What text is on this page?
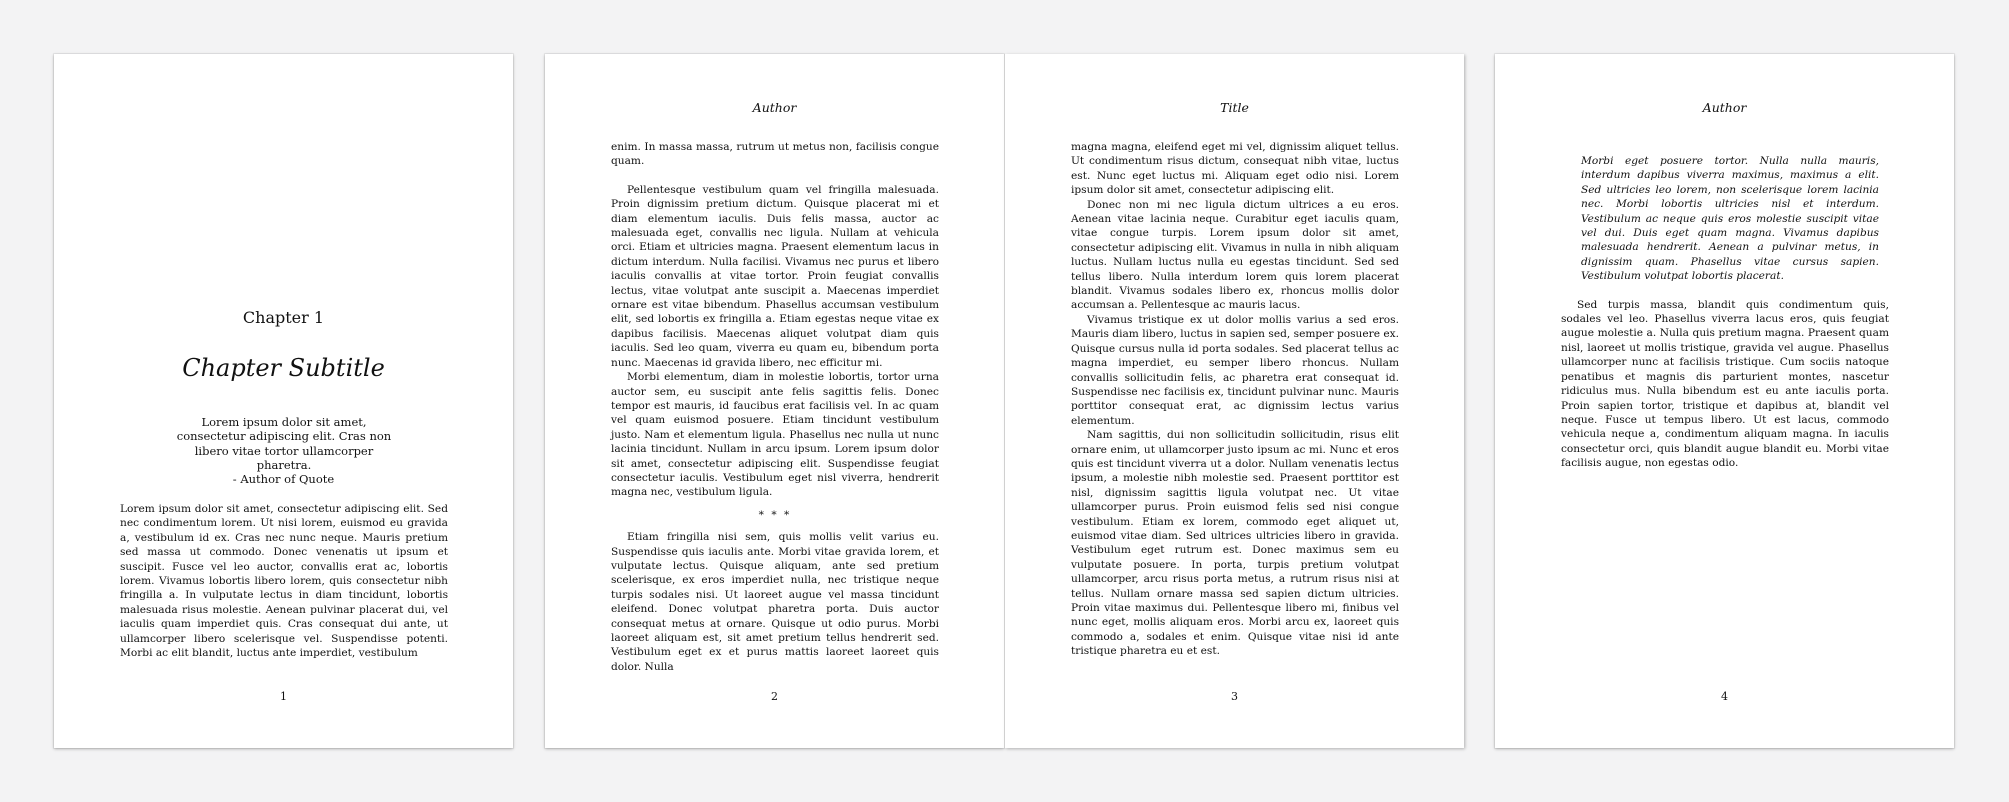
Chapter 1
Chapter Subtitle
Lorem ipsum dolor sit amet, consectetur adipiscing elit. Cras non libero vitae tortor ullamcorper pharetra.
- Author of Quote

Lorem ipsum dolor sit amet, consectetur adipiscing elit. Sed nec condimentum lorem. Ut nisi lorem, euismod eu gravida a, vestibulum id ex. Cras nec nunc neque. Mauris pretium sed massa ut commodo. Donec venenatis ut ipsum et suscipit. Fusce vel leo auctor, convallis erat ac, lobortis lorem. Vivamus lobortis libero lorem, quis consectetur nibh fringilla a. In vulputate lectus in diam tincidunt, lobortis malesuada risus molestie. Aenean pulvinar placerat dui, vel iaculis quam imperdiet quis. Cras consequat dui ante, ut ullamcorper libero scelerisque vel. Suspendisse potenti. Morbi ac elit blandit, luctus ante imperdiet, vestibulum

1
Author

enim. In massa massa, rutrum ut metus non, facilisis congue quam.

Pellentesque vestibulum quam vel fringilla malesuada. Proin dignissim pretium dictum. Quisque placerat mi et diam elementum iaculis. Duis felis massa, auctor ac malesuada eget, convallis nec ligula. Nullam at vehicula orci. Etiam et ultricies magna. Praesent elementum lacus in dictum interdum. Nulla facilisi. Vivamus nec purus et libero iaculis convallis at vitae tortor. Proin feugiat convallis lectus, vitae volutpat ante suscipit a. Maecenas imperdiet ornare est vitae bibendum. Phasellus accumsan vestibulum elit, sed lobortis ex fringilla a. Etiam egestas neque vitae ex dapibus facilisis. Maecenas aliquet volutpat diam quis iaculis. Sed leo quam, viverra eu quam eu, bibendum porta nunc. Maecenas id gravida libero, nec efficitur mi.

Morbi elementum, diam in molestie lobortis, tortor urna auctor sem, eu suscipit ante felis sagittis felis. Donec tempor est mauris, id faucibus erat facilisis vel. In ac quam vel quam euismod posuere. Etiam tincidunt vestibulum justo. Nam et elementum ligula. Phasellus nec nulla ut nunc lacinia tincidunt. Nullam in arcu ipsum. Lorem ipsum dolor sit amet, consectetur adipiscing elit. Suspendisse feugiat consectetur iaculis. Vestibulum eget nisl viverra, hendrerit magna nec, vestibulum ligula.

* * *

Etiam fringilla nisi sem, quis mollis velit varius eu. Suspendisse quis iaculis ante. Morbi vitae gravida lorem, et vulputate lectus. Quisque aliquam, ante sed pretium scelerisque, ex eros imperdiet nulla, nec tristique neque turpis sodales nisi. Ut laoreet augue vel massa tincidunt eleifend. Donec volutpat pharetra porta. Duis auctor consequat metus at ornare. Quisque ut odio purus. Morbi laoreet aliquam est, sit amet pretium tellus hendrerit sed. Vestibulum eget ex et purus mattis laoreet laoreet quis dolor. Nulla

2
Title

magna magna, eleifend eget mi vel, dignissim aliquet tellus. Ut condimentum risus dictum, consequat nibh vitae, luctus est. Nunc eget luctus mi. Aliquam eget odio nisi. Lorem ipsum dolor sit amet, consectetur adipiscing elit.

Donec non mi nec ligula dictum ultrices a eu eros. Aenean vitae lacinia neque. Curabitur eget iaculis quam, vitae congue turpis. Lorem ipsum dolor sit amet, consectetur adipiscing elit. Vivamus in nulla in nibh aliquam luctus. Nullam luctus nulla eu egestas tincidunt. Sed sed tellus libero. Nulla interdum lorem quis lorem placerat blandit. Vivamus sodales libero ex, rhoncus mollis dolor accumsan a. Pellentesque ac mauris lacus.

Vivamus tristique ex ut dolor mollis varius a sed eros. Mauris diam libero, luctus in sapien sed, semper posuere ex. Quisque cursus nulla id porta sodales. Sed placerat tellus ac magna imperdiet, eu semper libero rhoncus. Nullam convallis sollicitudin felis, ac pharetra erat consequat id. Suspendisse nec facilisis ex, tincidunt pulvinar nunc. Mauris porttitor consequat erat, ac dignissim lectus varius elementum.

Nam sagittis, dui non sollicitudin sollicitudin, risus elit ornare enim, ut ullamcorper justo ipsum ac mi. Nunc et eros quis est tincidunt viverra ut a dolor. Nullam venenatis lectus ipsum, a molestie nibh molestie sed. Praesent porttitor est nisl, dignissim sagittis ligula volutpat nec. Ut vitae ullamcorper purus. Proin euismod felis sed nisi congue vestibulum. Etiam ex lorem, commodo eget aliquet ut, euismod vitae diam. Sed ultrices ultricies libero in gravida. Vestibulum eget rutrum est. Donec maximus sem eu vulputate posuere. In porta, turpis pretium volutpat ullamcorper, arcu risus porta metus, a rutrum risus nisi at tellus. Nullam ornare massa sed sapien dictum ultricies. Proin vitae maximus dui. Pellentesque libero mi, finibus vel nunc eget, mollis aliquam eros. Morbi arcu ex, laoreet quis commodo a, sodales et enim. Quisque vitae nisi id ante tristique pharetra eu et est.

3
Author

Morbi eget posuere tortor. Nulla nulla mauris, interdum dapibus viverra maximus, maximus a elit. Sed ultricies leo lorem, non scelerisque lorem lacinia nec. Morbi lobortis ultricies nisl et interdum. Vestibulum ac neque quis eros molestie suscipit vitae vel dui. Duis eget quam magna. Vivamus dapibus malesuada hendrerit. Aenean a pulvinar metus, in dignissim quam. Phasellus vitae cursus sapien. Vestibulum volutpat lobortis placerat.

Sed turpis massa, blandit quis condimentum quis, sodales vel leo. Phasellus viverra lacus eros, quis feugiat augue molestie a. Nulla quis pretium magna. Praesent quam nisl, laoreet ut mollis tristique, gravida vel augue. Phasellus ullamcorper nunc at facilisis tristique. Cum sociis natoque penatibus et magnis dis parturient montes, nascetur ridiculus mus. Nulla bibendum est eu ante iaculis porta. Proin sapien tortor, tristique et dapibus at, blandit vel neque. Fusce ut tempus libero. Ut est lacus, commodo vehicula neque a, condimentum aliquam magna. In iaculis consectetur orci, quis blandit augue blandit eu. Morbi vitae facilisis augue, non egestas odio.

4
